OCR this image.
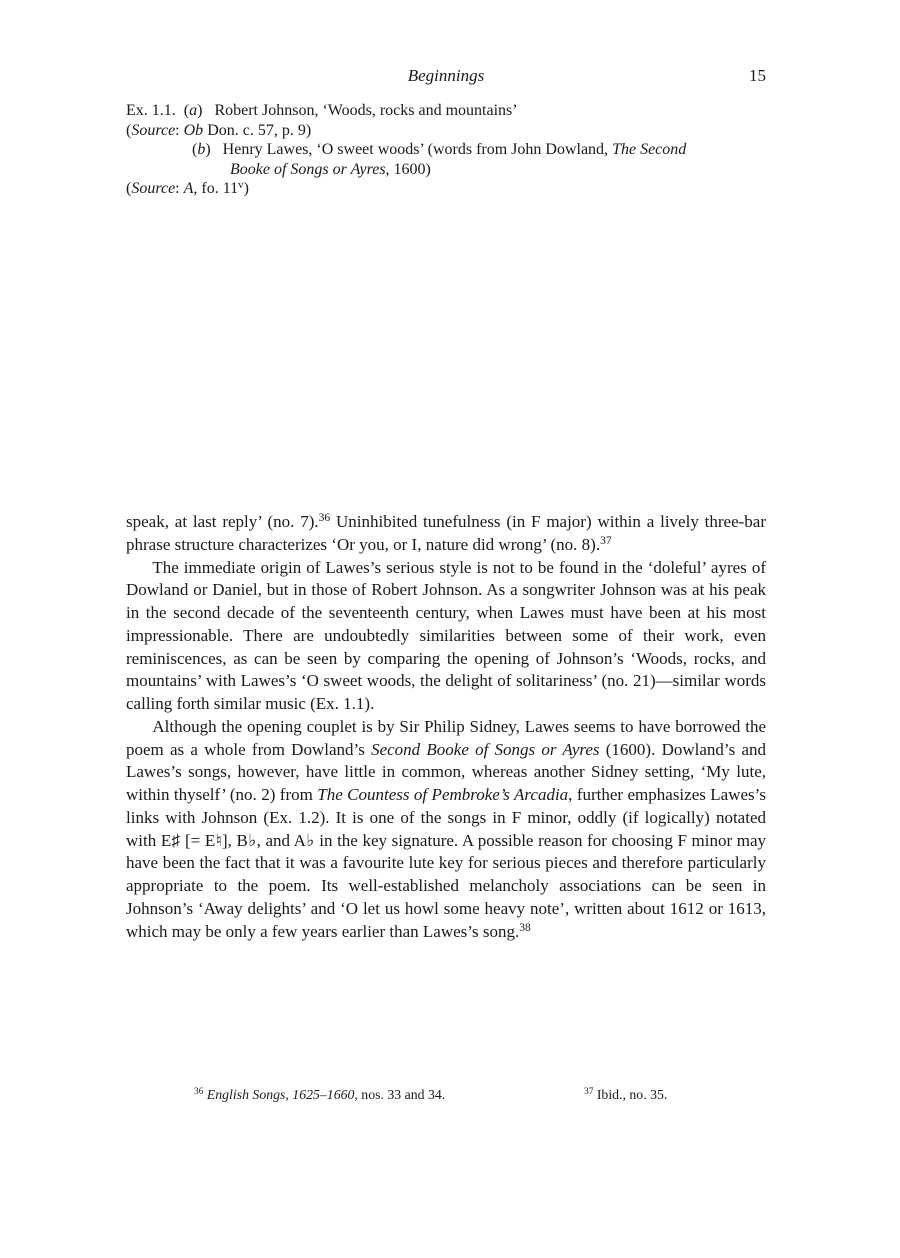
Beginnings	15
Ex. 1.1.  (a)   Robert Johnson, ‘Woods, rocks and mountains’
(Source: Ob Don. c. 57, p. 9)
(b)   Henry Lawes, ‘O sweet woods’ (words from John Dowland, The Second
Booke of Songs or Ayres, 1600)
(Source: A, fo. 11$^v$)

speak, at last reply’ (no. 7).$^{36}$ Uninhibited tunefulness (in F major) within a lively three-bar phrase structure characterizes ‘Or you, or I, nature did wrong’ (no. 8).$^{37}$

The immediate origin of Lawes’s serious style is not to be found in the ‘doleful’ ayres of Dowland or Daniel, but in those of Robert Johnson. As a songwriter Johnson was at his peak in the second decade of the seventeenth century, when Lawes must have been at his most impressionable. There are undoubtedly similarities between some of their work, even reminiscences, as can be seen by comparing the opening of Johnson’s ‘Woods, rocks, and mountains’ with Lawes’s ‘O sweet woods, the delight of solitariness’ (no. 21)—similar words calling forth similar music (Ex. 1.1).

Although the opening couplet is by Sir Philip Sidney, Lawes seems to have borrowed the poem as a whole from Dowland’s Second Booke of Songs or Ayres (1600). Dowland’s and Lawes’s songs, however, have little in common, whereas another Sidney setting, ‘My lute, within thyself’ (no. 2) from The Countess of Pembroke’s Arcadia, further emphasizes Lawes’s links with Johnson (Ex. 1.2). It is one of the songs in F minor, oddly (if logically) notated with E♯ [= E♮], B♭, and A♭ in the key signature. A possible reason for choosing F minor may have been the fact that it was a favourite lute key for serious pieces and therefore particularly appropriate to the poem. Its well-established melancholy associations can be seen in Johnson’s ‘Away delights’ and ‘O let us howl some heavy note’, written about 1612 or 1613, which may be only a few years earlier than Lawes’s song.$^{38}$

$^{36}$ English Songs, 1625–1660, nos. 33 and 34.	$^{37}$ Ibid., no. 35.
